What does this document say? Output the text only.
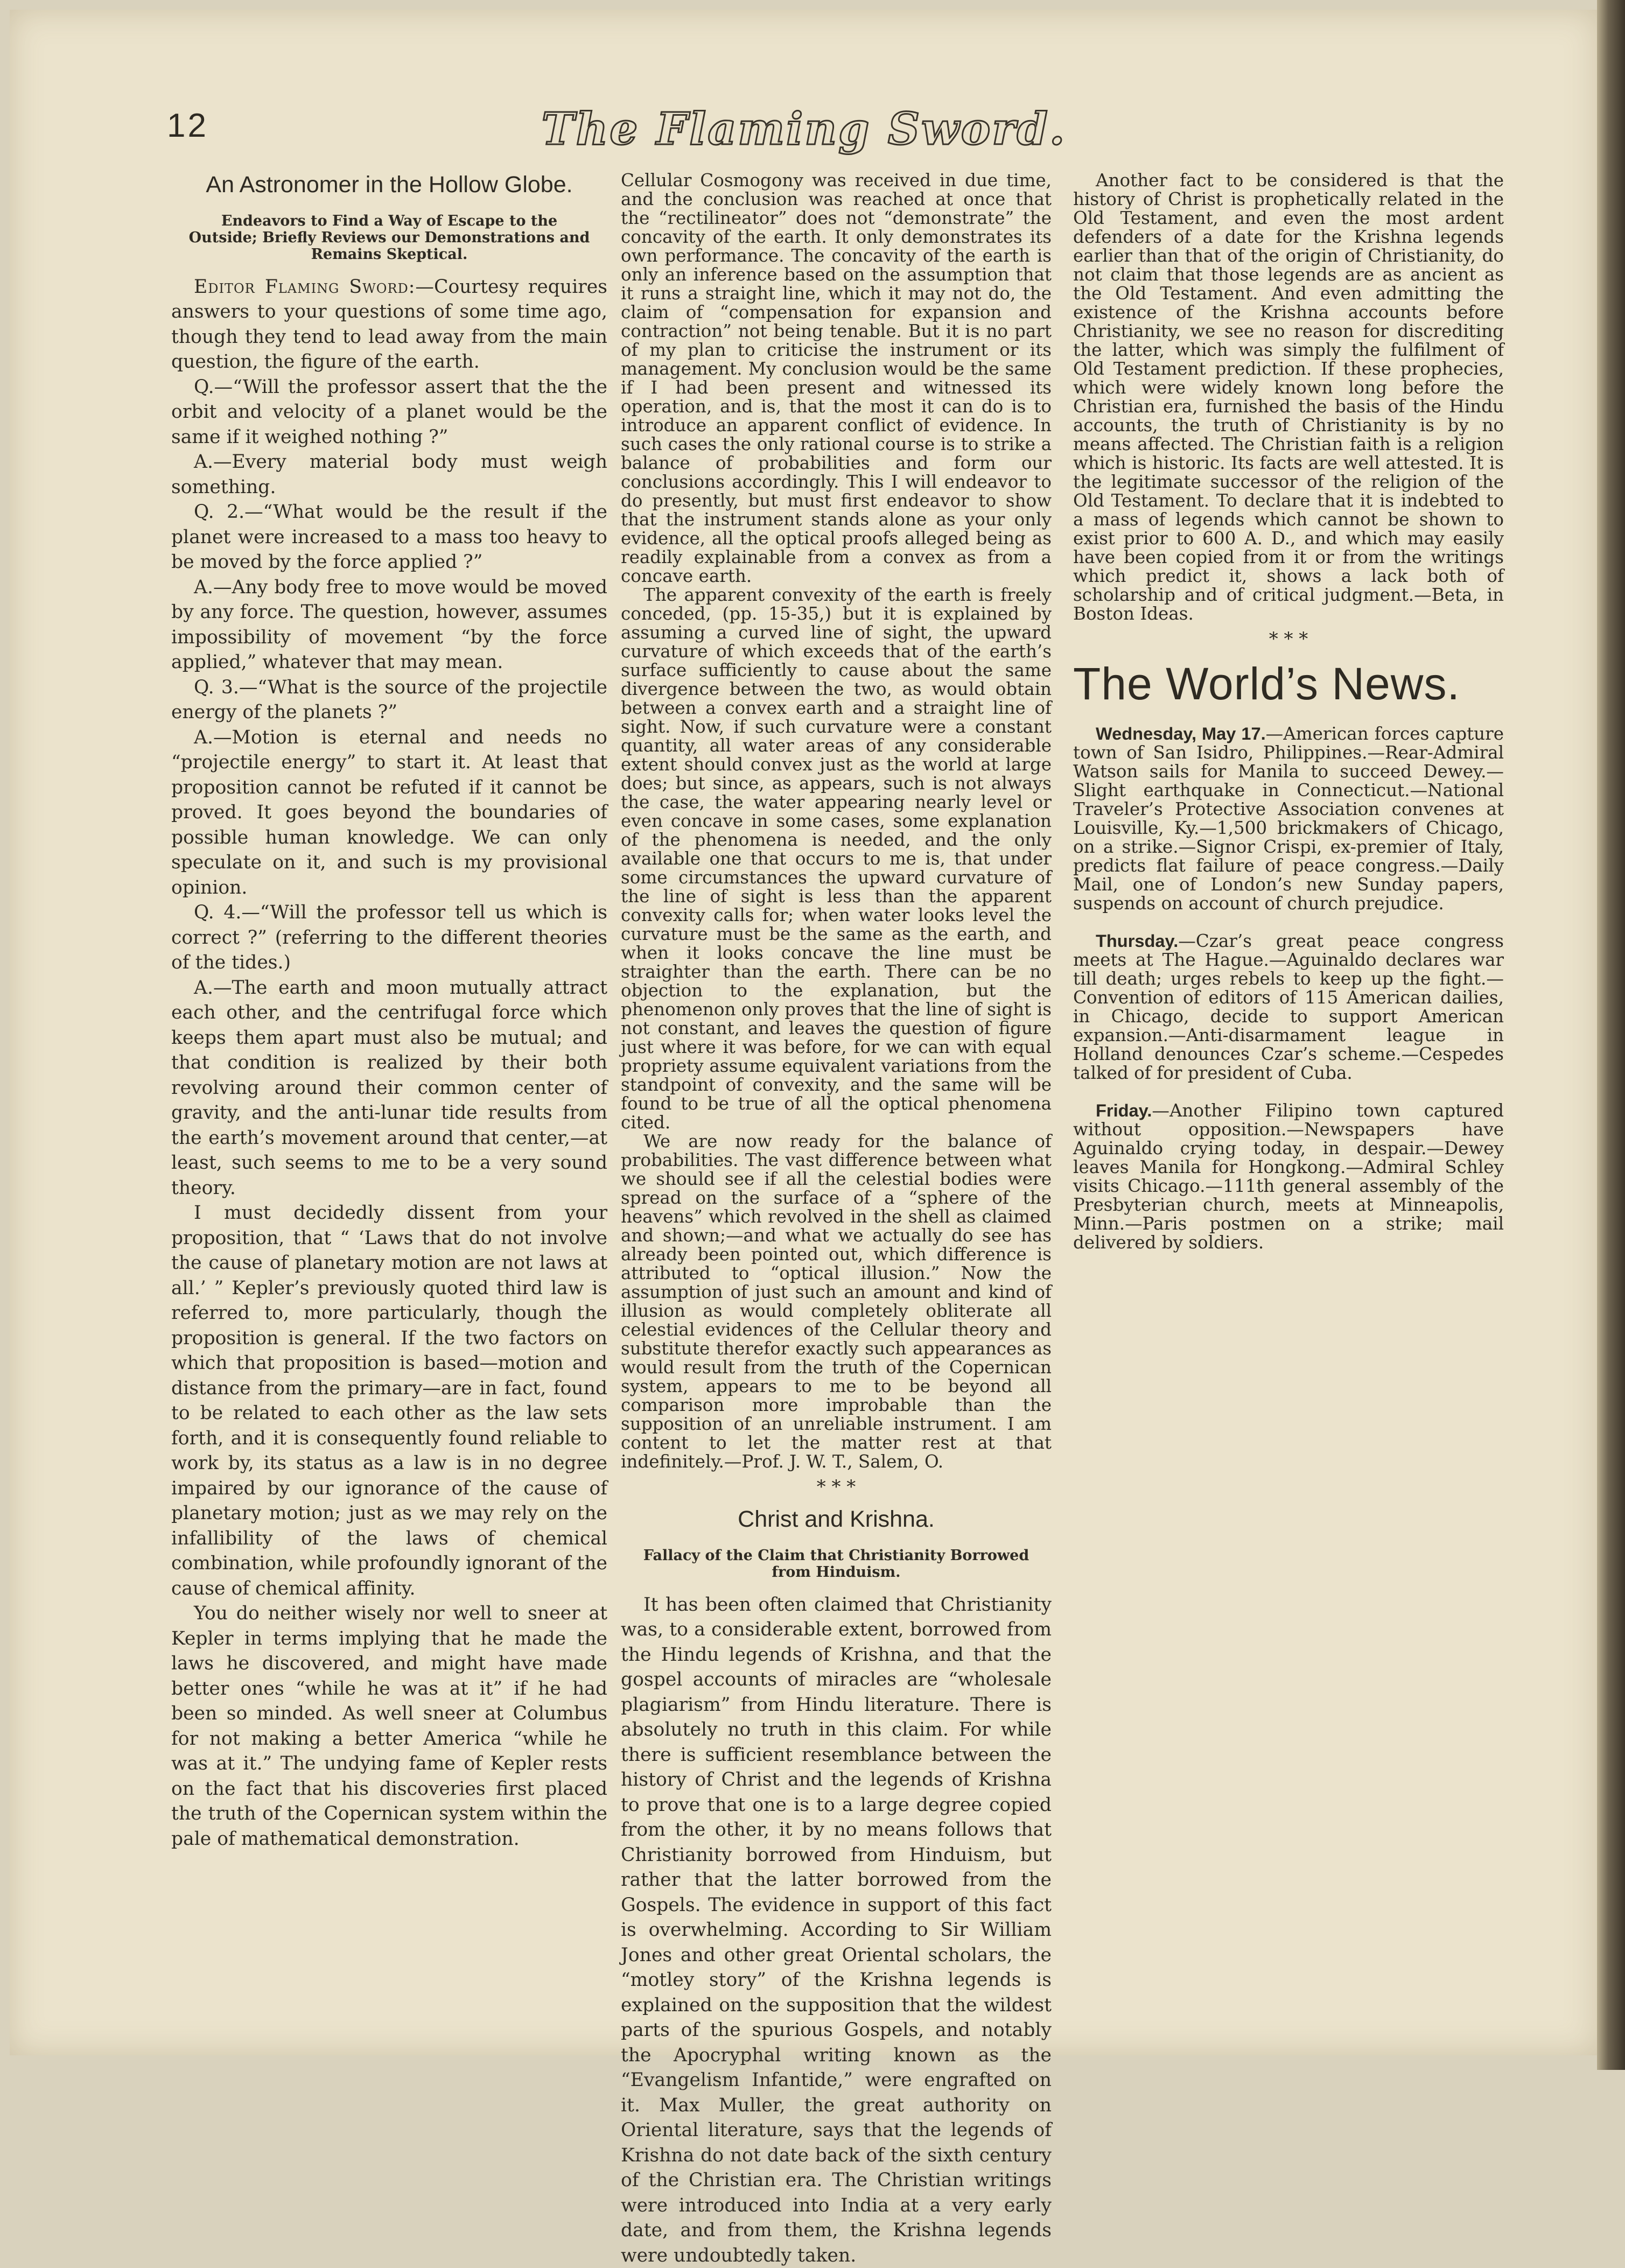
12	The Flaming Sword.
An Astronomer in the Hollow Globe.
Endeavors to Find a Way of Escape to the Outside; Briefly Reviews our Demonstrations and Remains Skeptical.

Editor Flaming Sword:—Courtesy requires answers to your questions of some time ago, though they tend to lead away from the main question, the figure of the earth.

Q.—“Will the professor assert that the the orbit and velocity of a planet would be the same if it weighed nothing ?”

A.—Every material body must weigh something.

Q. 2.—“What would be the result if the planet were increased to a mass too heavy to be moved by the force applied ?”

A.—Any body free to move would be moved by any force. The question, however, assumes impossibility of movement “by the force applied,” whatever that may mean.

Q. 3.—“What is the source of the projectile energy of the planets ?”

A.—Motion is eternal and needs no “projectile energy” to start it. At least that proposition cannot be refuted if it cannot be proved. It goes beyond the boundaries of possible human knowledge. We can only speculate on it, and such is my provisional opinion.

Q. 4.—“Will the professor tell us which is correct ?” (referring to the different theories of the tides.)

A.—The earth and moon mutually attract each other, and the centrifugal force which keeps them apart must also be mutual; and that condition is realized by their both revolving around their common center of gravity, and the anti-lunar tide results from the earth’s movement around that center,—at least, such seems to me to be a very sound theory.

I must decidedly dissent from your proposition, that “ ‘Laws that do not involve the cause of planetary motion are not laws at all.’ ” Kepler’s previously quoted third law is referred to, more particularly, though the proposition is general. If the two factors on which that proposition is based—motion and distance from the primary—are in fact, found to be related to each other as the law sets forth, and it is consequently found reliable to work by, its status as a law is in no degree impaired by our ignorance of the cause of planetary motion; just as we may rely on the infallibility of the laws of chemical combination, while profoundly ignorant of the cause of chemical affinity.

You do neither wisely nor well to sneer at Kepler in terms implying that he made the laws he discovered, and might have made better ones “while he was at it” if he had been so minded. As well sneer at Columbus for not making a better America “while he was at it.” The undying fame of Kepler rests on the fact that his discoveries first placed the truth of the Copernican system within the pale of mathematical demonstration.

Cellular Cosmogony was received in due time, and the conclusion was reached at once that the “rectilineator” does not “demonstrate” the concavity of the earth. It only demonstrates its own performance. The concavity of the earth is only an inference based on the assumption that it runs a straight line, which it may not do, the claim of “compensation for expansion and contraction” not being tenable. But it is no part of my plan to criticise the instrument or its management. My conclusion would be the same if I had been present and witnessed its operation, and is, that the most it can do is to introduce an apparent conflict of evidence. In such cases the only rational course is to strike a balance of probabilities and form our conclusions accordingly. This I will endeavor to do presently, but must first endeavor to show that the instrument stands alone as your only evidence, all the optical proofs alleged being as readily explainable from a convex as from a concave earth.

The apparent convexity of the earth is freely conceded, (pp. 15-35,) but it is explained by assuming a curved line of sight, the upward curvature of which exceeds that of the earth’s surface sufficiently to cause about the same divergence between the two, as would obtain between a convex earth and a straight line of sight. Now, if such curvature were a constant quantity, all water areas of any considerable extent should convex just as the world at large does; but since, as appears, such is not always the case, the water appearing nearly level or even concave in some cases, some explanation of the phenomena is needed, and the only available one that occurs to me is, that under some circumstances the upward curvature of the line of sight is less than the apparent convexity calls for; when water looks level the curvature must be the same as the earth, and when it looks concave the line must be straighter than the earth. There can be no objection to the explanation, but the phenomenon only proves that the line of sight is not constant, and leaves the question of figure just where it was before, for we can with equal propriety assume equivalent variations from the standpoint of convexity, and the same will be found to be true of all the optical phenomena cited.

We are now ready for the balance of probabilities. The vast difference between what we should see if all the celestial bodies were spread on the surface of a “sphere of the heavens” which revolved in the shell as claimed and shown;—and what we actually do see has already been pointed out, which difference is attributed to “optical illusion.” Now the assumption of just such an amount and kind of illusion as would completely obliterate all celestial evidences of the Cellular theory and substitute therefor exactly such appearances as would result from the truth of the Copernican system, appears to me to be beyond all comparison more improbable than the supposition of an unreliable instrument. I am content to let the matter rest at that indefinitely.—Prof. J. W. T., Salem, O.

* * *
Christ and Krishna.
Fallacy of the Claim that Christianity Borrowed from Hinduism.

It has been often claimed that Christianity was, to a considerable extent, borrowed from the Hindu legends of Krishna, and that the gospel accounts of miracles are “wholesale plagiarism” from Hindu literature. There is absolutely no truth in this claim. For while there is sufficient resemblance between the history of Christ and the legends of Krishna to prove that one is to a large degree copied from the other, it by no means follows that Christianity borrowed from Hinduism, but rather that the latter borrowed from the Gospels. The evidence in support of this fact is overwhelming. According to Sir William Jones and other great Oriental scholars, the “motley story” of the Krishna legends is explained on the supposition that the wildest parts of the spurious Gospels, and notably the Apocryphal writing known as the “Evangelism Infantide,” were engrafted on it. Max Muller, the great authority on Oriental literature, says that the legends of Krishna do not date back of the sixth century of the Christian era. The Christian writings were introduced into India at a very early date, and from them, the Krishna legends were undoubtedly taken.

Another fact to be considered is that the history of Christ is prophetically related in the Old Testament, and even the most ardent defenders of a date for the Krishna legends earlier than that of the origin of Christianity, do not claim that those legends are as ancient as the Old Testament. And even admitting the existence of the Krishna accounts before Christianity, we see no reason for discrediting the latter, which was simply the fulfilment of Old Testament prediction. If these prophecies, which were widely known long before the Christian era, furnished the basis of the Hindu accounts, the truth of Christianity is by no means affected. The Christian faith is a religion which is historic. Its facts are well attested. It is the legitimate successor of the religion of the Old Testament. To declare that it is indebted to a mass of legends which cannot be shown to exist prior to 600 A. D., and which may easily have been copied from it or from the writings which predict it, shows a lack both of scholarship and of critical judgment.—Beta, in Boston Ideas.

* * *
The World’s News.

Wednesday, May 17.—American forces capture town of San Isidro, Philippines.—Rear-Admiral Watson sails for Manila to succeed Dewey.—Slight earthquake in Connecticut.—National Traveler’s Protective Association convenes at Louisville, Ky.—1,500 brickmakers of Chicago, on a strike.—Signor Crispi, ex-premier of Italy, predicts flat failure of peace congress.—Daily Mail, one of London’s new Sunday papers, suspends on account of church prejudice.

Thursday.—Czar’s great peace congress meets at The Hague.—Aguinaldo declares war till death; urges rebels to keep up the fight.—Convention of editors of 115 American dailies, in Chicago, decide to support American expansion.—Anti-disarmament league in Holland denounces Czar’s scheme.—Cespedes talked of for president of Cuba.

Friday.—Another Filipino town captured without opposition.—Newspapers have Aguinaldo crying today, in despair.—Dewey leaves Manila for Hongkong.—Admiral Schley visits Chicago.—111th general assembly of the Presbyterian church, meets at Minneapolis, Minn.—Paris postmen on a strike; mail delivered by soldiers.
